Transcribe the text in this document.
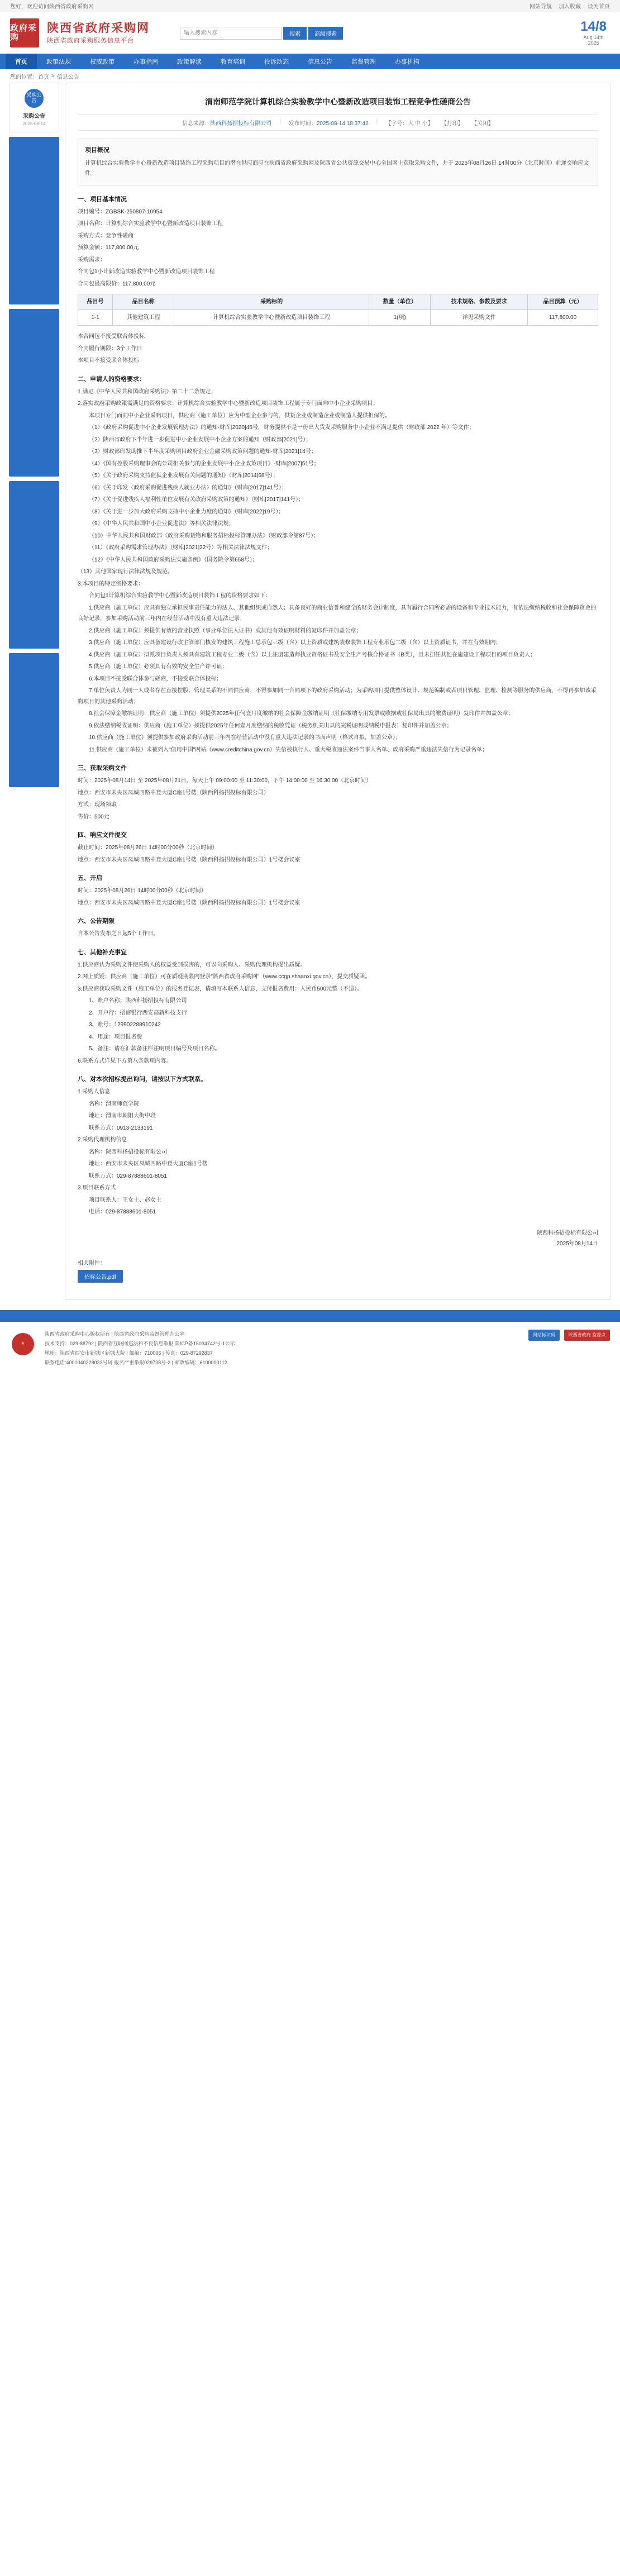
您好，欢迎访问陕西省政府采购网	网站导航 加入收藏 设为首页
政府采购
陕西省政府采购网
陕西省政府采购服务信息平台
输入搜索内容
搜索	高级搜索	14/8
Aug 14th
2025
首页	政策法规	权威政策	办事指南	政策解读	教育培训	投诉动态	信息公告	监督管理	办事机构
您的位置： 首页 > 信息公告
采购公告
采购公告
2025-08-14
渭南师范学院计算机综合实验教学中心暨新改造项目装饰工程竞争性磋商公告
信息来源：陕西科扬招投标有限公司 | 发布时间：2025-08-14 18:37:42 | 【字号：大 中 小】 【打印】 【关闭】
项目概况
计算机综合实验教学中心暨新改造项目装饰工程采购项目的潜在供应商应在陕西省政府采购网及陕西省公共资源交易中心全国网上获取采购文件，并于 2025年08月26日 14时00分（北京时间）前递交响应文件。
一、项目基本情况

项目编号：ZGBSK-250807-10954

项目名称：计算机综合实验教学中心暨新改造项目装饰工程

采购方式：竞争性磋商

预算金额：117,800.00元

采购需求：

合同包1小计新改造实验教学中心暨新改造项目装饰工程

合同包最高限价：117,800.00元

品目号	品目名称	采购标的	数量（单位）	技术规格、参数及要求	品目预算（元）
1-1	其他建筑工程	计算机综合实验教学中心暨新改造项目装饰工程	1(项)	详见采购文件	117,800.00

本合同包不接受联合体投标

合同履行期限：3个工作日

本项目不接受联合体投标

二、申请人的资格要求：

1.满足《中华人民共和国政府采购法》第二十二条规定；

2.落实政府采购政策需满足的资格要求：计算机综合实验教学中心暨新改造项目装饰工程属于专门面向中小企业采购项目；

本项目专门面向中小企业采购项目，供应商（施工单位）应为中型企业参与的，供货企业或制造企业或制造人提供担保的。

（1）《政府采购促进中小企业发展管理办法》的通知-财库[2020]46号，财务提供不是一份出大货发采购服务中小企业不满足提供（财政部 2022 年）等文件；

（2）陕西省政府下半年进一步促进中小企业发展中小企业方案的通知（财政部[2021]号）；

（3）财政部印发助推下半年度采购项目政府企业金融采购政策问题的通知-财库[2021]14号；

（4）《国有控股采购理事会的公司相关参与的企业发展中小企业政策项目》-财库[2007]51号；

（5）《关于政府采购支持监狱企业发展有关问题的通知》（财库[2014]68号）；

（6）《关于印发〈政府采购促进残疾人就业办法〉的通知》（财库[2017]141号）；

（7）《关于促进残疾人福利性单位发展有关政府采购政策的通知》（财库[2017]141号）；

（8）《关于进一步加大政府采购支持中小企业力度的通知》（财库[2022]19号）；

（9）《中华人民共和国中小企业促进法》等相关法律法规；

（10）中华人民共和国财政部《政府采购货物和服务招标投标管理办法》（财政部令第87号）；

（11）《政府采购需求管理办法》（财库[2021]22号）等相关法律法规文件；

（12）《中华人民共和国政府采购法实施条例》（国务院令第658号）；

（13）其他国家现行法律法规及规范。

3.本项目的特定资格要求：

合同包1计算机综合实验教学中心暨新改造项目装饰工程的资格要求如下：

1.供应商（施工单位）应具有独立承担民事责任能力的法人、其他组织或自然人；具备良好的商业信誉和健全的财务会计制度，具有履行合同所必需的设备和专业技术能力，有依法缴纳税收和社会保障资金的良好记录，参加采购活动前三年内在经营活动中没有重大违法记录；

2.供应商（施工单位）须提供有效的营业执照（事业单位法人证书）或其他有效证明材料的复印件并加盖公章；

3.供应商（施工单位）应具备建设行政主管部门核发的建筑工程施工总承包三级（含）以上资质或建筑装修装饰工程专业承包二级（含）以上资质证书，并在有效期内；

4.供应商（施工单位）拟派项目负责人须具有建筑工程专业二级（含）以上注册建造师执业资格证书及安全生产考核合格证书（B类），且未担任其他在施建设工程项目的项目负责人；

5.供应商（施工单位）必须具有有效的安全生产许可证；

6.本项目不接受联合体参与磋商，不接受联合体投标；

7.单位负责人为同一人或者存在直接控股、管理关系的不同供应商，不得参加同一合同项下的政府采购活动；为采购项目提供整体设计、规范编制或者项目管理、监理、检测等服务的供应商，不得再参加该采购项目的其他采购活动；

8.社会保障金缴纳证明：供应商（施工单位）须提供2025年任何壹月度缴纳的社会保障金缴纳证明（社保缴纳专用发票或收据或社保局出具的缴费证明）复印件并加盖公章；

9.依法缴纳税收证明：供应商（施工单位）须提供2025年任何壹月度缴纳的税收凭证（税务机关出具的完税证明或纳税申报表）复印件并加盖公章；

10.供应商（施工单位）须提供参加政府采购活动前三年内在经营活动中没有重大违法记录的书面声明（格式自拟，加盖公章）；

11.供应商（施工单位）未被列入"信用中国"网站（www.creditchina.gov.cn）失信被执行人、重大税收违法案件当事人名单、政府采购严重违法失信行为记录名单；

三、获取采购文件

时间：2025年08月14日 至 2025年08月21日，每天上午 09:00:00 至 11:30:00，下午 14:00:00 至 16:30:00（北京时间）

地点：西安市未央区凤城四路中登大厦C座1号楼（陕西科扬招投标有限公司）

方式：现场领取

售价：500元

四、响应文件提交

截止时间：2025年08月26日 14时00分00秒（北京时间）

地点：西安市未央区凤城四路中登大厦C座1号楼（陕西科扬招投标有限公司）1号楼会议室

五、开启

时间：2025年08月26日 14时00分00秒（北京时间）

地点：西安市未央区凤城四路中登大厦C座1号楼（陕西科扬招投标有限公司）1号楼会议室

六、公告期限

自本公告发布之日起5个工作日。

七、其他补充事宜

1.供应商认为采购文件使采购人的权益受到损害的，可以向采购人、采购代理机构提出质疑。

2.网上质疑：供应商（施工单位）可在质疑期限内登录"陕西省政府采购网"（www.ccgp.shaanxi.gov.cn），提交质疑函。

3.供应商获取采购文件（施工单位）的报名登记表，请填写本联系人信息，支付报名费用：人民币500元整（不退）。

1、账户名称：陕西科扬招投标有限公司

2、开户行：招商银行西安高新科技支行

3、账号：129902288910242

4、用途：项目报名费

5、备注：请在汇款备注栏注明项目编号及项目名称。

6.联系方式详见下方第八条款项内容。

八、对本次招标提出询问，请按以下方式联系。

1.采购人信息

名称：渭南师范学院

地址：渭南市朝阳大街中段

联系方式：0913-2133191

2.采购代理机构信息

名称：陕西科扬招投标有限公司

地址：西安市未央区凤城四路中登大厦C座1号楼

联系方式：029-87888601-8051

3.项目联系方式

项目联系人：王女士、赵女士

电话：029-87888601-8051

陕西科扬招投标有限公司
2025年08月14日
相关附件：
招标公告.pdf
★
陕西省政府采购中心版权所有 | 陕西省政府采购监督管理办公室
技术支持：029-88792 | 陕西省互联网违法和不良信息举报 陕ICP备15034742号-1公示
地址：陕西省西安市新城区新城大院 | 邮编：710006 | 传真：029-87292837
联系电话:4001040228033号码 报名严重举报029738号-2 | 邮政编码：6100000112
网站标识码	陕西省政府 监督点
